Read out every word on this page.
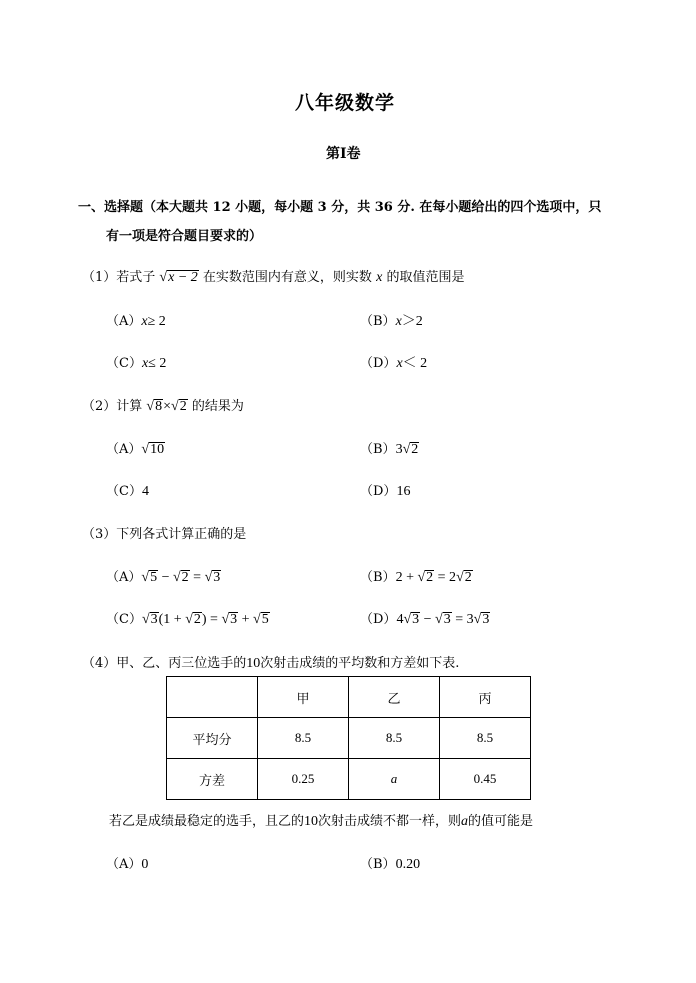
八年级数学
第Ⅰ卷
一、选择题（本大题共 12 小题，每小题 3 分，共 36 分. 在每小题给出的四个选项中，只
有一项是符合题目要求的）
（1）若式子 √x − 2 在实数范围内有意义，则实数 x 的取值范围是
（A）x≥ 2	（B）x＞2
（C）x≤ 2	（D）x＜ 2
（2）计算 √8×√2 的结果为
（A）√10	（B）3√2
（C）4	（D）16
（3）下列各式计算正确的是
（A）√5 − √2 = √3	（B）2 + √2 = 2√2
（C）√3(1 + √2) = √3 + √5	（D）4√3 − √3 = 3√3
（4）甲、乙、丙三位选手的10次射击成绩的平均数和方差如下表.
	甲	乙	丙
平均分	8.5	8.5	8.5
方差	0.25	a	0.45
若乙是成绩最稳定的选手，且乙的10次射击成绩不都一样，则a的值可能是
（A）0	（B）0.20
